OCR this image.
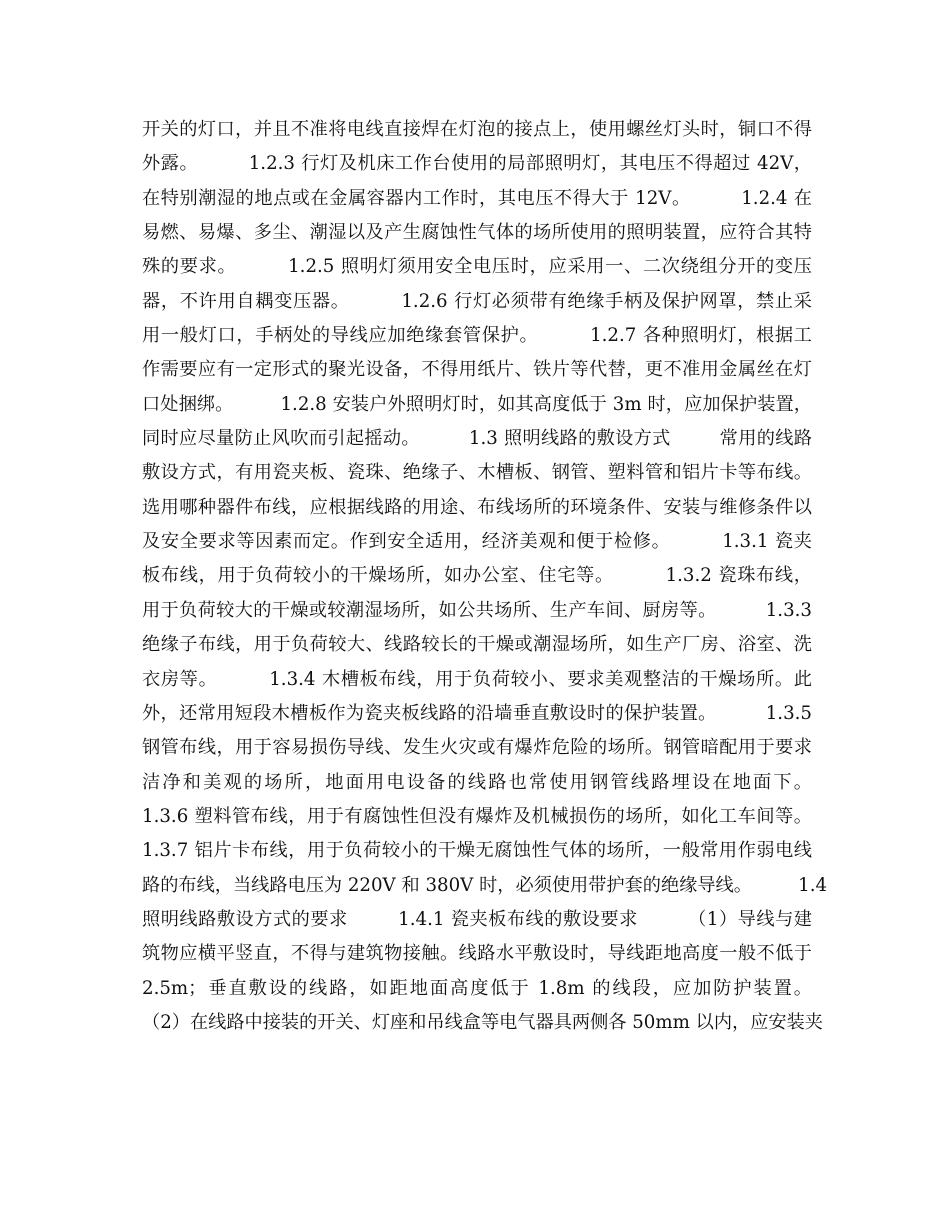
开关的灯口，并且不准将电线直接焊在灯泡的接点上，使用螺丝灯头时，铜口不得
外露。        1.2.3 行灯及机床工作台使用的局部照明灯，其电压不得超过 42V，
在特别潮湿的地点或在金属容器内工作时，其电压不得大于 12V。        1.2.4 在
易燃、易爆、多尘、潮湿以及产生腐蚀性气体的场所使用的照明装置，应符合其特
殊的要求。        1.2.5 照明灯须用安全电压时，应采用一、二次绕组分开的变压
器，不许用自耦变压器。        1.2.6 行灯必须带有绝缘手柄及保护网罩，禁止采
用一般灯口，手柄处的导线应加绝缘套管保护。        1.2.7 各种照明灯，根据工
作需要应有一定形式的聚光设备，不得用纸片、铁片等代替，更不准用金属丝在灯
口处捆绑。        1.2.8 安装户外照明灯时，如其高度低于 3m 时，应加保护装置，
同时应尽量防止风吹而引起摇动。        1.3 照明线路的敷设方式        常用的线路
敷设方式，有用瓷夹板、瓷珠、绝缘子、木槽板、钢管、塑料管和铝片卡等布线。
选用哪种器件布线，应根据线路的用途、布线场所的环境条件、安装与维修条件以
及安全要求等因素而定。作到安全适用，经济美观和便于检修。        1.3.1 瓷夹
板布线，用于负荷较小的干燥场所，如办公室、住宅等。        1.3.2 瓷珠布线，
用于负荷较大的干燥或较潮湿场所，如公共场所、生产车间、厨房等。        1.3.3
绝缘子布线，用于负荷较大、线路较长的干燥或潮湿场所，如生产厂房、浴室、洗
衣房等。        1.3.4 木槽板布线，用于负荷较小、要求美观整洁的干燥场所。此
外，还常用短段木槽板作为瓷夹板线路的沿墙垂直敷设时的保护装置。        1.3.5
钢管布线，用于容易损伤导线、发生火灾或有爆炸危险的场所。钢管暗配用于要求
洁净和美观的场所，地面用电设备的线路也常使用钢管线路埋设在地面下。
1.3.6 塑料管布线，用于有腐蚀性但没有爆炸及机械损伤的场所，如化工车间等。
1.3.7 铝片卡布线，用于负荷较小的干燥无腐蚀性气体的场所，一般常用作弱电线
路的布线，当线路电压为 220V 和 380V 时，必须使用带护套的绝缘导线。        1.4
照明线路敷设方式的要求        1.4.1 瓷夹板布线的敷设要求        （1）导线与建
筑物应横平竖直，不得与建筑物接触。线路水平敷设时，导线距地高度一般不低于
2.5m；垂直敷设的线路，如距地面高度低于 1.8m 的线段，应加防护装置。
（2）在线路中接装的开关、灯座和吊线盒等电气器具两侧各 50mm 以内，应安装夹
